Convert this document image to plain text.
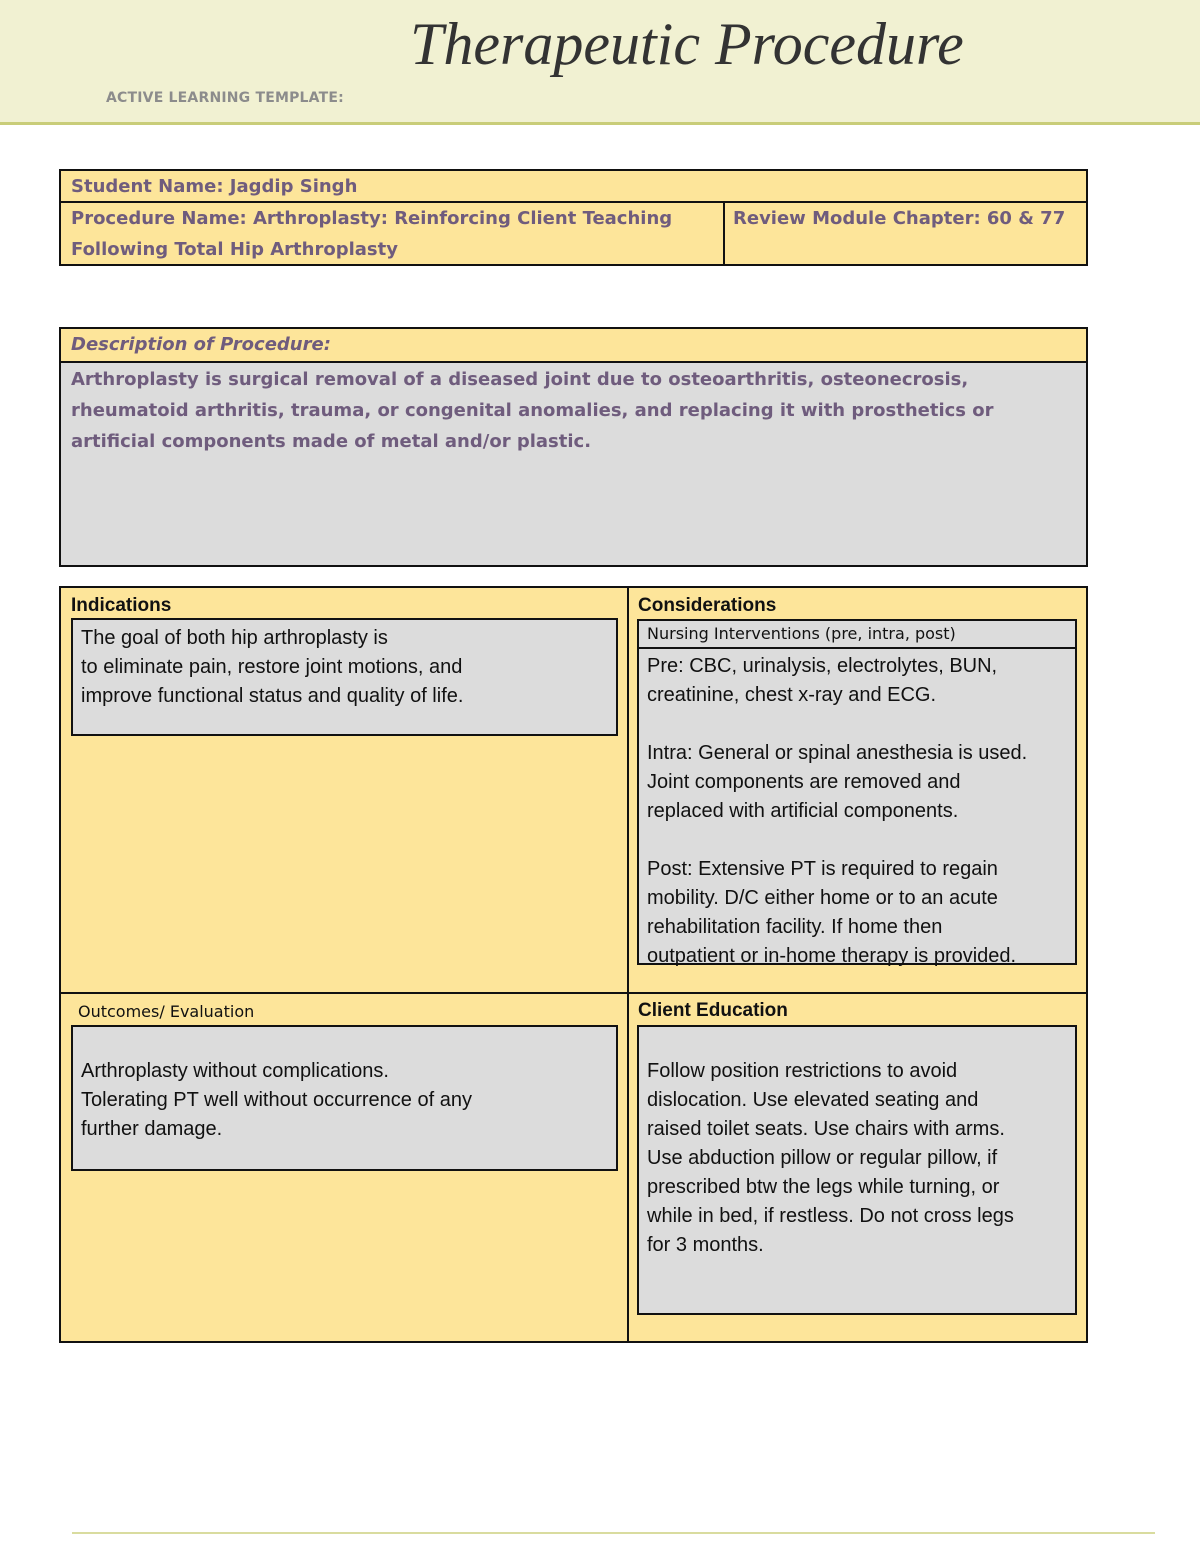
ACTIVE LEARNING TEMPLATE:
Therapeutic Procedure
Student Name: Jagdip Singh
Procedure Name: Arthroplasty: Reinforcing Client Teaching
Following Total Hip Arthroplasty
Review Module Chapter: 60 & 77
Description of Procedure:
Arthroplasty is surgical removal of a diseased joint due to osteoarthritis, osteonecrosis, rheumatoid arthritis, trauma, or congenital anomalies, and replacing it with prosthetics or artificial components made of metal and/or plastic.
Indications
The goal of both hip arthroplasty is
to eliminate pain, restore joint motions, and
improve functional status and quality of life.
Considerations
Nursing Interventions (pre, intra, post)
Pre: CBC, urinalysis, electrolytes, BUN,
creatinine, chest x-ray and ECG.

Intra: General or spinal anesthesia is used.
Joint components are removed and
replaced with artificial components.

Post: Extensive PT is required to regain
mobility. D/C either home or to an acute
rehabilitation facility. If home then
outpatient or in-home therapy is provided.
Outcomes/ Evaluation
Arthroplasty without complications.
Tolerating PT well without occurrence of any
further damage.
Client Education
Follow position restrictions to avoid
dislocation. Use elevated seating and
raised toilet seats. Use chairs with arms.
Use abduction pillow or regular pillow, if
prescribed btw the legs while turning, or
while in bed, if restless. Do not cross legs
for 3 months.
